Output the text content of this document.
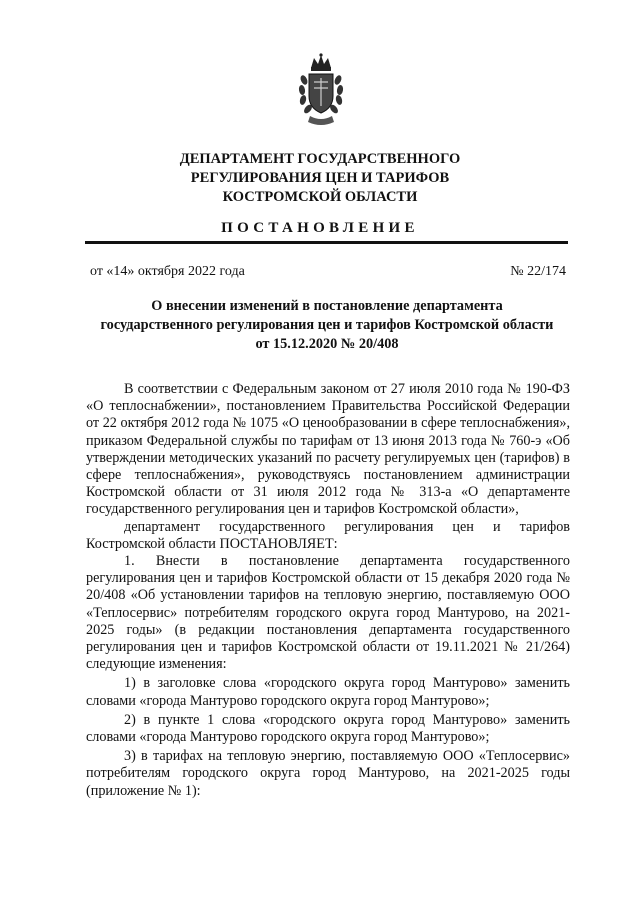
ДЕПАРТАМЕНТ ГОСУДАРСТВЕННОГО
РЕГУЛИРОВАНИЯ ЦЕН И ТАРИФОВ
КОСТРОМСКОЙ ОБЛАСТИ
ПОСТАНОВЛЕНИЕ
от «14» октября 2022 года	№ 22/174
О внесении изменений в постановление департамента
государственного регулирования цен и тарифов Костромской области
от 15.12.2020 № 20/408

В соответствии с Федеральным законом от 27 июля 2010 года № 190-ФЗ «О теплоснабжении», постановлением Правительства Российской Федерации от 22 октября 2012 года № 1075 «О ценообразовании в сфере теплоснабжения», приказом Федеральной службы по тарифам от 13 июня 2013 года № 760-э «Об утверждении методических указаний по расчету регулируемых цен (тарифов) в сфере теплоснабжения», руководствуясь постановлением администрации Костромской области от 31 июля 2012 года № 313-а «О департаменте государственного регулирования цен и тарифов Костромской области»,

департамент государственного регулирования цен и тарифов Костромской области ПОСТАНОВЛЯЕТ:

1. Внести в постановление департамента государственного регулирования цен и тарифов Костромской области от 15 декабря 2020 года № 20/408 «Об установлении тарифов на тепловую энергию, поставляемую ООО «Теплосервис» потребителям городского округа город Мантурово, на 2021-2025 годы» (в редакции постановления департамента государственного регулирования цен и тарифов Костромской области от 19.11.2021 № 21/264) следующие изменения:

1) в заголовке слова «городского округа город Мантурово» заменить словами «города Мантурово городского округа город Мантурово»;

2) в пункте 1 слова «городского округа город Мантурово» заменить словами «города Мантурово городского округа город Мантурово»;

3) в тарифах на тепловую энергию, поставляемую ООО «Теплосервис» потребителям городского округа город Мантурово, на 2021-2025 годы (приложение № 1):
